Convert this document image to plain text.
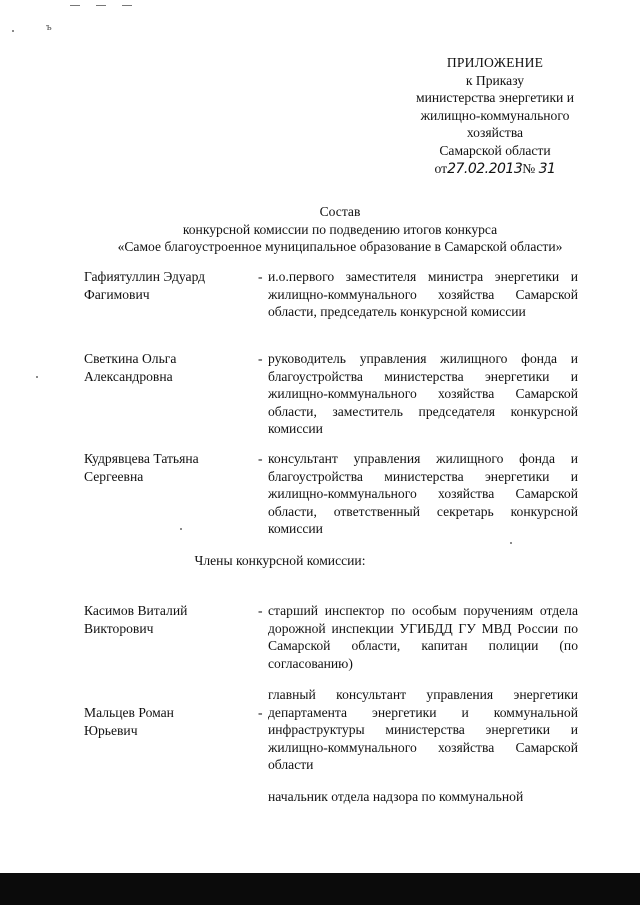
ъ
ПРИЛОЖЕНИЕ
к Приказу
министерства энергетики и
жилищно-коммунального
хозяйства
Самарской области
от27.02.2013№ 31
Состав
конкурсной комиссии по подведению итогов конкурса
«Самое благоустроенное муниципальное образование в Самарской области»
Гафиятуллин Эдуард Фагимович
- и.о.первого заместителя министра энергетики и жилищно-коммунального хозяйства Самарской области, председатель конкурсной комиссии
Светкина Ольга Александровна
- руководитель управления жилищного фонда и благоустройства министерства энергетики и жилищно-коммунального хозяйства Самарской области, заместитель председателя конкурсной комиссии
Кудрявцева Татьяна Сергеевна
- консультант управления жилищного фонда и благоустройства министерства энергетики и жилищно-коммунального хозяйства Самарской области, ответственный секретарь конкурсной комиссии
Члены конкурсной комиссии:
Касимов Виталий Викторович
- старший инспектор по особым поручениям отдела дорожной инспекции УГИБДД ГУ МВД России по Самарской области, капитан полиции (по согласованию)
Мальцев Роман Юрьевич
-
главный консультант управления энергетики департамента энергетики и коммунальной инфраструктуры министерства энергетики и жилищно-коммунального хозяйства Самарской области
начальник отдела надзора по коммунальной
